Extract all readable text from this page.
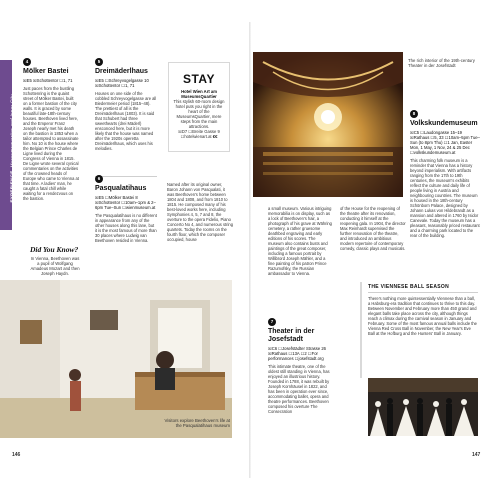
EXPERIENCE  Museumsquartier and Inner City
4
Mölker Bastei
☒E5 ☒Schottentor ☐1, 71
Just paces from the bustling Schottenring is the quaint street of Mölker Bastei, built on a former bastion of the city walls. It is graced by some beautiful late-18th-century houses. Beethoven lived here, and the Emperor Franz Joseph nearly met his death on the bastion in 1853 when a tailor attempted to assassinate him. No 10 is the house where the Belgian Prince Charles de Ligne lived during the Congress of Vienna in 1815. De Ligne wrote several cynical commentaries on the activities of the crowned heads of Europe who came to Vienna at that time. A ladies' man, he caught a fatal chill while waiting for a rendezvous on the bastion.
Did You Know?
In Vienna, Beethoven was a pupil of Wolfgang Amadeus Mozart and then Joseph Haydn.
5
Dreimäderlhaus
☒E5 ☐Schreyvogelgasse 10 ☒Schottentor ☐1, 71
Houses on one side of the cobbled Schreyvogelgasse are all Biedermeier period (1815–48). The prettiest of all is the Dreimäderlhaus (1803). It is said that Schubert had three sweethearts (drei Mäderl) ensconced here, but it is more likely that the house was named after the 1920s operetta Dreimäderlhaus, which uses his melodies.
6
Pasqualatihaus
☒E5 ☐Mölker Bastei 8 ☒Schottentor ☐10am–1pm & 2–6pm Tue–Sun ☐wienmuseum.at
The Pasqualatihaus is no different in appearance from any of the other houses along this lane, but it is the most famous of more than 30 places where Ludwig van Beethoven resided in Vienna.
STAY
Hotel Wien Art am MuseumsQuartier
This stylish 60-room design hotel puts you right in the heart of the MuseumsQuartier, mere steps from the main attractions.
☒D7 ☐Breite Gasse 9 ☐hotelwienart.at €€
Named after its original owner, Baron Johann von Pasqualati, it was Beethoven's home between 1804 and 1808, and from 1810 to 1815. He composed many of his best-loved works here, including Symphonies 4, 5, 7 and 8, the overture to the opera Fidelio, Piano Concerto No 4, and numerous string quartets. Today the rooms on the fourth floor, which the composer occupied, house
a small museum. Various intriguing memorabilia is on display, such as a lock of Beethoven's hair, a photograph of his grave at Währing cemetery, a rather gruesome deathbed engraving and early editions of his scores. The museum also contains busts and paintings of the great composer, including a famous portrait by Willibrord Joseph Mähler, and a fine painting of his patron Prince Razumofsky, the Russian ambassador to Vienna.
of the House for the reopening of the theatre after its renovation, conducting it himself at the reopening gala. In 1904, the director Max Reinhardt supervised the further renovation of the theatre, and introduced an ambitious modern repertoire of contemporary comedy, classic plays and musicals.
7
Theater in der Josefstadt
☒C6 ☐Josefstädter Strasse 26 ☒Rathaus ☐13A ☐2 ☐For performances ☐josefstadt.org
This intimate theatre, one of the oldest still standing in Vienna, has enjoyed an illustrious history. Founded in 1788, it was rebuilt by Joseph Kornhäusel in 1822, and has been in operation ever since, accommodating ballet, opera and theatre performances. Beethoven composed his overture The Consecration
8
Volkskundemuseum
☒C5 ☐Laudongasse 15–19 ☒Rathaus ☐5, 33 ☐10am–5pm Tue–Sun (to 8pm Thu) ☐1 Jan, Easter Mon, 1 May, 1 Nov, 24 & 25 Dec ☐volkskundemuseum.at
This charming folk museum is a reminder that Vienna has a history beyond imperialism. With artifacts ranging from the 17th to 19th centuries, the museum's exhibits reflect the culture and daily life of people living in Austria and neighbouring countries. The museum is housed in the 18th-century Schönborn Palace, designed by Johann Lukas von Hildebrandt as a mansion and altered in 1760 by Isidor Canevale. Today the museum has a pleasant, reasonably priced restaurant and a charming park located to the rear of the building.
The rich interior of the 19th-century Theater in der Josefstadt
Visitors explore Beethoven's life at the Pasqualatihaus museum
THE VIENNESE BALL SEASON
There's nothing more quintessentially Viennese than a ball, a Habsburg-era tradition that continues to thrive to this day. Between November and February more than 450 grand and elegant balls take place across the city, although things reach a climax during the carnival season in January and February. Some of the most famous annual balls include the Vienna Red Cross Ball in November, the New Year's Eve Ball at the Hofburg and the Hunters' Ball in January.
146	147
